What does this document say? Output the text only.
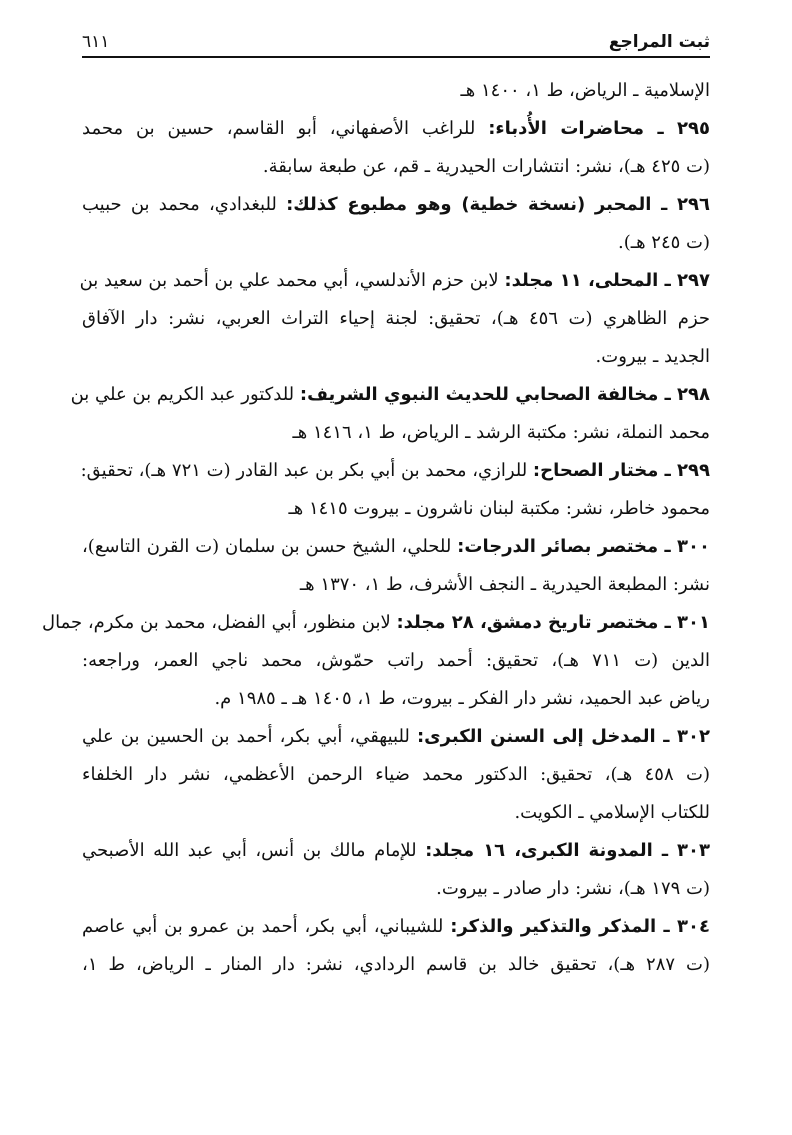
ثبت المراجع
٦١١
الإسلامية ـ الرياض، ط ١، ١٤٠٠ هـ
٢٩٥ ـ محاضرات الأُدباء: للراغب الأصفهاني، أبو القاسم، حسين بن محمد
(ت ٤٢٥ هـ)، نشر: انتشارات الحيدرية ـ قم، عن طبعة سابقة.
٢٩٦ ـ المحبر (نسخة خطية) وهو مطبوع كذلك: للبغدادي، محمد بن حبيب
(ت ٢٤٥ هـ).
٢٩٧ ـ المحلى، ١١ مجلد: لابن حزم الأندلسي، أبي محمد علي بن أحمد بن سعيد بن
حزم الظاهري (ت ٤٥٦ هـ)، تحقيق: لجنة إحياء التراث العربي، نشر: دار الآفاق
الجديد ـ بيروت.
٢٩٨ ـ مخالفة الصحابي للحديث النبوي الشريف: للدكتور عبد الكريم بن علي بن
محمد النملة، نشر: مكتبة الرشد ـ الرياض، ط ١، ١٤١٦ هـ
٢٩٩ ـ مختار الصحاح: للرازي، محمد بن أبي بكر بن عبد القادر (ت ٧٢١ هـ)، تحقيق:
محمود خاطر، نشر: مكتبة لبنان ناشرون ـ بيروت ١٤١٥ هـ
٣٠٠ ـ مختصر بصائر الدرجات: للحلي، الشيخ حسن بن سلمان (ت القرن التاسع)،
نشر: المطبعة الحيدرية ـ النجف الأشرف، ط ١، ١٣٧٠ هـ
٣٠١ ـ مختصر تاريخ دمشق، ٢٨ مجلد: لابن منظور، أبي الفضل، محمد بن مكرم، جمال
الدين (ت ٧١١ هـ)، تحقيق: أحمد راتب حمّوش، محمد ناجي العمر، وراجعه:
رياض عبد الحميد، نشر دار الفكر ـ بيروت، ط ١، ١٤٠٥ هـ ـ ١٩٨٥ م.
٣٠٢ ـ المدخل إلى السنن الكبرى: للبيهقي، أبي بكر، أحمد بن الحسين بن علي
(ت ٤٥٨ هـ)، تحقيق: الدكتور محمد ضياء الرحمن الأعظمي، نشر دار الخلفاء
للكتاب الإسلامي ـ الكويت.
٣٠٣ ـ المدونة الكبرى، ١٦ مجلد: للإمام مالك بن أنس، أبي عبد الله الأصبحي
(ت ١٧٩ هـ)، نشر: دار صادر ـ بيروت.
٣٠٤ ـ المذكر والتذكير والذكر: للشيباني، أبي بكر، أحمد بن عمرو بن أبي عاصم
(ت ٢٨٧ هـ)، تحقيق خالد بن قاسم الردادي، نشر: دار المنار ـ الرياض، ط ١،
